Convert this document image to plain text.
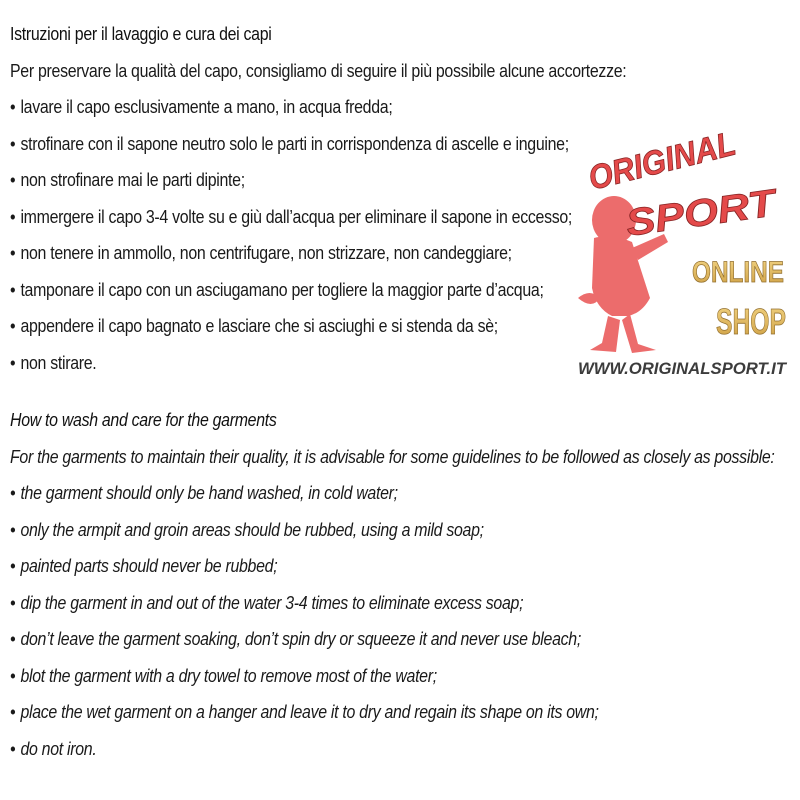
Istruzioni per il lavaggio e cura dei capi
Per preservare la qualità del capo, consigliamo di seguire il più possibile alcune accortezze:
• lavare il capo esclusivamente a mano, in acqua fredda;
• strofinare con il sapone neutro solo le parti in corrispondenza di ascelle e inguine;
• non strofinare mai le parti dipinte;
• immergere il capo 3-4 volte su e giù dall’acqua per eliminare il sapone in eccesso;
• non tenere in ammollo, non centrifugare, non strizzare, non candeggiare;
• tamponare il capo con un asciugamano per togliere la maggior parte d’acqua;
• appendere il capo bagnato e lasciare che si asciughi e si stenda da sè;
• non stirare.
How to wash and care for the garments
For the garments to maintain their quality, it is advisable for some guidelines to be followed as closely as possible:
• the garment should only be hand washed, in cold water;
• only the armpit and groin areas should be rubbed, using a mild soap;
• painted parts should never be rubbed;
• dip the garment in and out of the water 3-4 times to eliminate excess soap;
• don’t leave the garment soaking, don’t spin dry or squeeze it and never use bleach;
• blot the garment with a dry towel to remove most of the water;
• place the wet garment on a hanger and leave it to dry and regain its shape on its own;
• do not iron.
ORIGINAL
SPORT
ONLINE
SHOP
WWW.ORIGINALSPORT.IT
